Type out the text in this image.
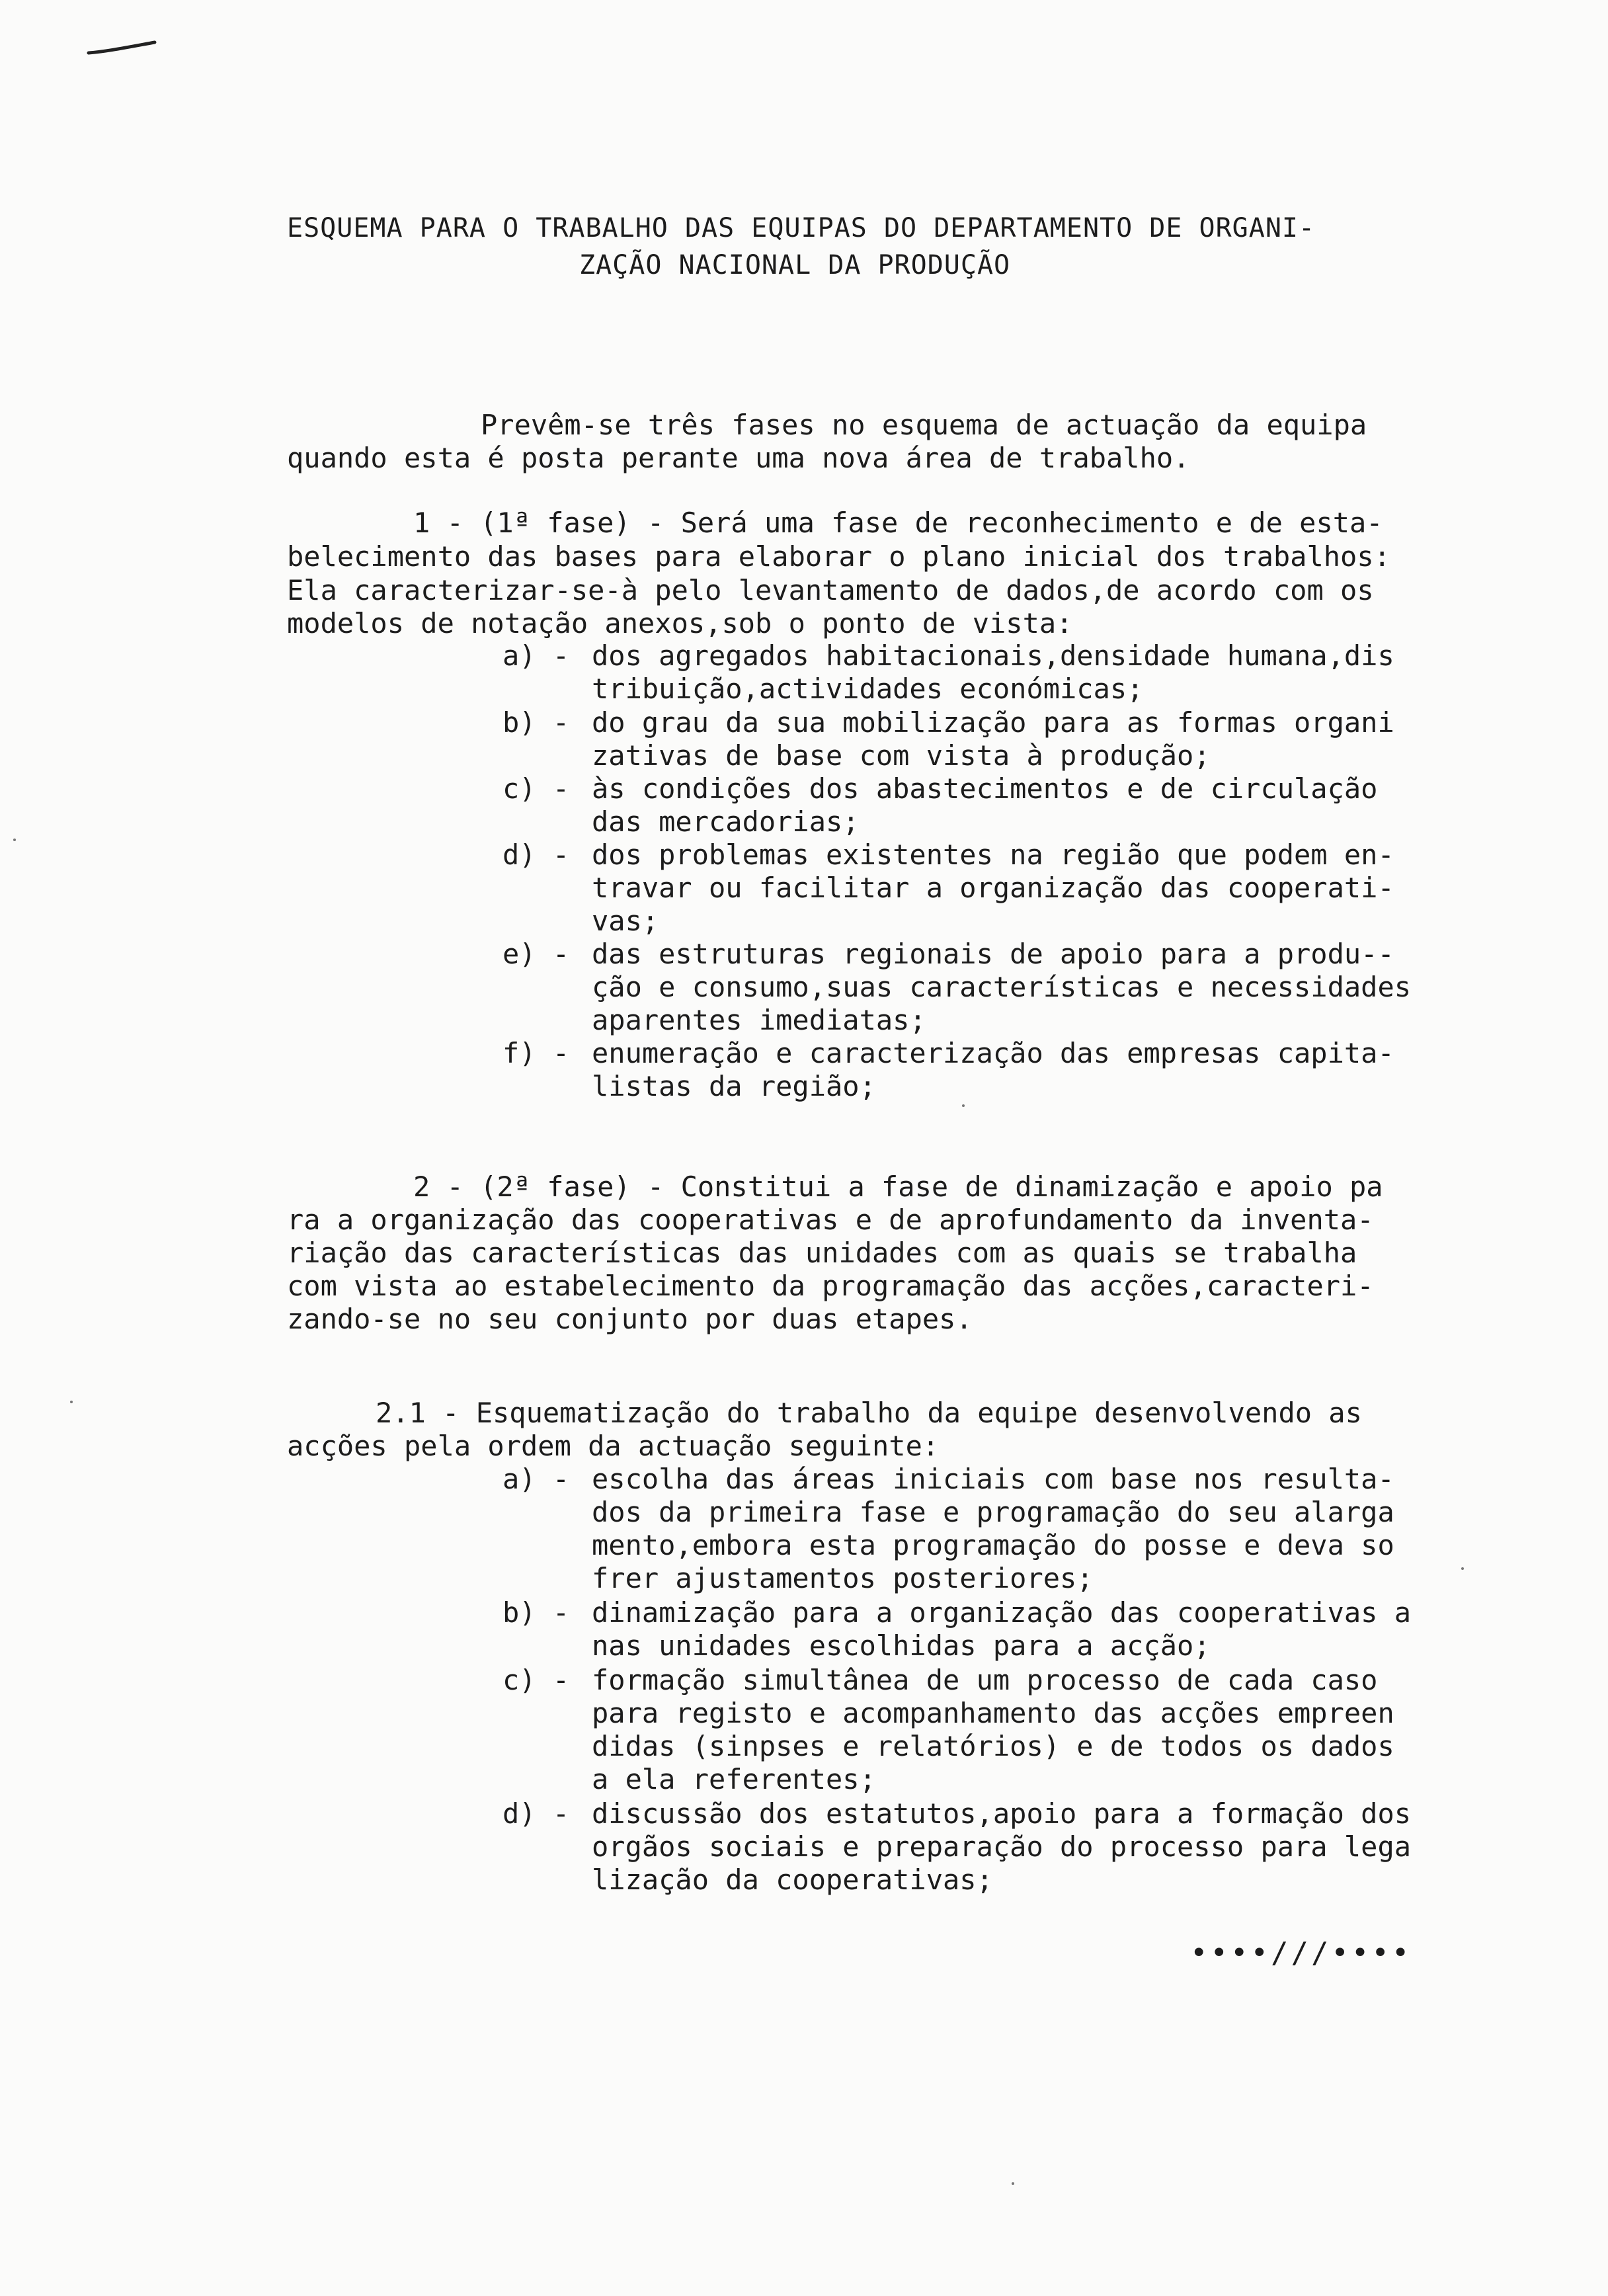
ESQUEMA PARA O TRABALHO DAS EQUIPAS DO DEPARTAMENTO DE ORGANI-
ZAÇÃO NACIONAL DA PRODUÇÃO
Prevêm-se três fases no esquema de actuação da equipa
quando esta é posta perante uma nova área de trabalho.
1 - (1ª fase) - Será uma fase de reconhecimento e de esta-
belecimento das bases para elaborar o plano inicial dos trabalhos:
Ela caracterizar-se-à pelo levantamento de dados,de acordo com os
modelos de notação anexos,sob o ponto de vista:
a) - dos agregados habitacionais,densidade humana,dis
tribuição,actividades económicas;
b) - do grau da sua mobilização para as formas organi
zativas de base com vista à produção;
c) - às condições dos abastecimentos e de circulação
das mercadorias;
d) - dos problemas existentes na região que podem en-
travar ou facilitar a organização das cooperati-
vas;
e) - das estruturas regionais de apoio para a produ--
ção e consumo,suas características e necessidades
aparentes imediatas;
f) - enumeração e caracterização das empresas capita-
listas da região;
2 - (2ª fase) - Constitui a fase de dinamização e apoio pa
ra a organização das cooperativas e de aprofundamento da inventa-
riação das características das unidades com as quais se trabalha
com vista ao estabelecimento da programação das acções,caracteri-
zando-se no seu conjunto por duas etapes.
2.1 - Esquematização do trabalho da equipe desenvolvendo as
acções pela ordem da actuação seguinte:
a) - escolha das áreas iniciais com base nos resulta-
dos da primeira fase e programação do seu alarga
mento,embora esta programação do posse e deva so
frer ajustamentos posteriores;
b) - dinamização para a organização das cooperativas a
nas unidades escolhidas para a acção;
c) - formação simultânea de um processo de cada caso
para registo e acompanhamento das acções empreen
didas (sinpses e relatórios) e de todos os dados
a ela referentes;
d) - discussão dos estatutos,apoio para a formação dos
orgãos sociais e preparação do processo para lega
lização da cooperativas;
••••///••••
